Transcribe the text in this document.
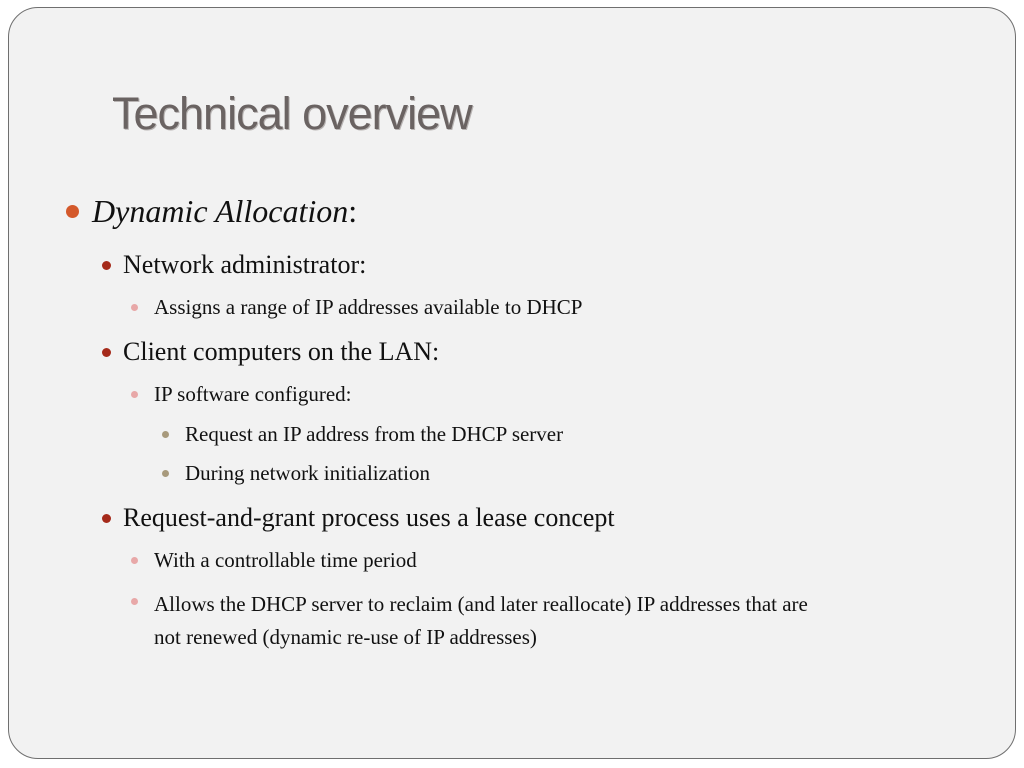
Technical overview
Dynamic Allocation:
Network administrator:
Assigns a range of IP addresses available to DHCP
Client computers on the LAN:
IP software configured:
Request an IP address from the DHCP server
During network initialization
Request-and-grant process uses a lease concept
With a controllable time period
Allows the DHCP server to reclaim (and later reallocate) IP addresses that are
not renewed (dynamic re-use of IP addresses)
